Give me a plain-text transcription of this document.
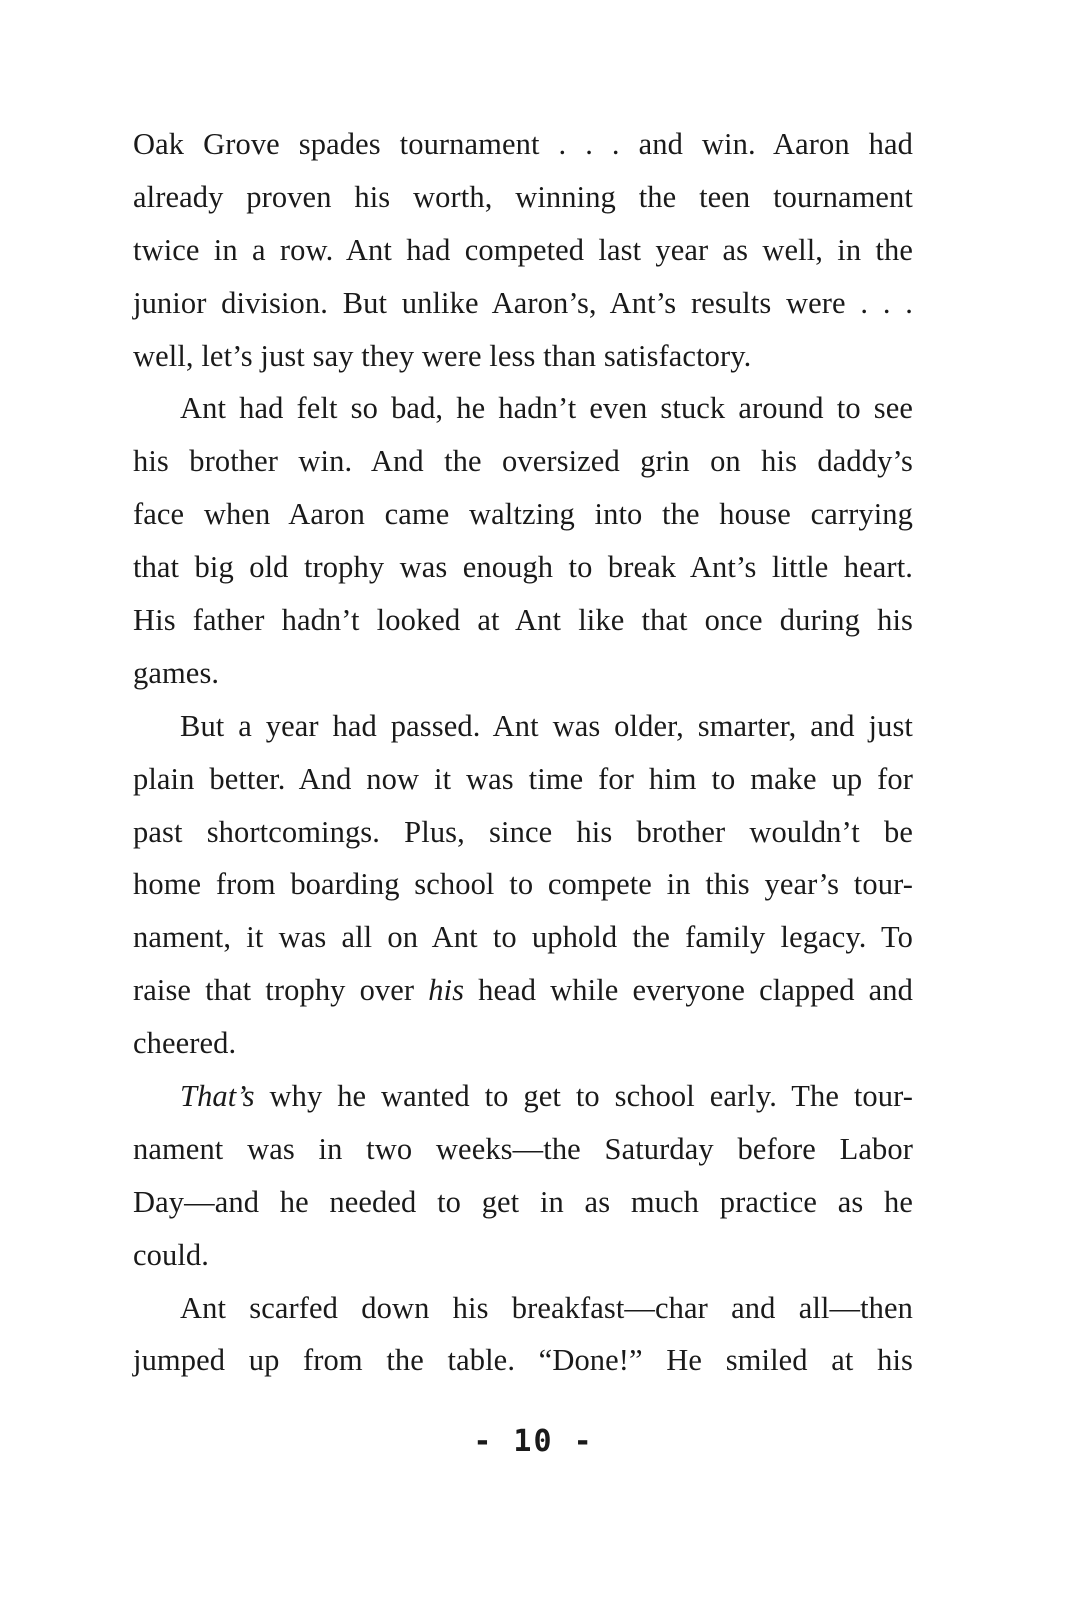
Oak Grove spades tournament . . . and win. Aaron had
already proven his worth, winning the teen tournament
twice in a row. Ant had competed last year as well, in the
junior division. But unlike Aaron’s, Ant’s results were . . .
well, let’s just say they were less than satisfactory.
Ant had felt so bad, he hadn’t even stuck around to see
his brother win. And the oversized grin on his daddy’s
face when Aaron came waltzing into the house carrying
that big old trophy was enough to break Ant’s little heart.
His father hadn’t looked at Ant like that once during his
games.
But a year had passed. Ant was older, smarter, and just
plain better. And now it was time for him to make up for
past shortcomings. Plus, since his brother wouldn’t be
home from boarding school to compete in this year’s tour-
nament, it was all on Ant to uphold the family legacy. To
raise that trophy over his head while everyone clapped and
cheered.
That’s why he wanted to get to school early. The tour-
nament was in two weeks—the Saturday before Labor
Day—and he needed to get in as much practice as he
could.
Ant scarfed down his breakfast—char and all—then
jumped up from the table. “Done!” He smiled at his
- 10 -
